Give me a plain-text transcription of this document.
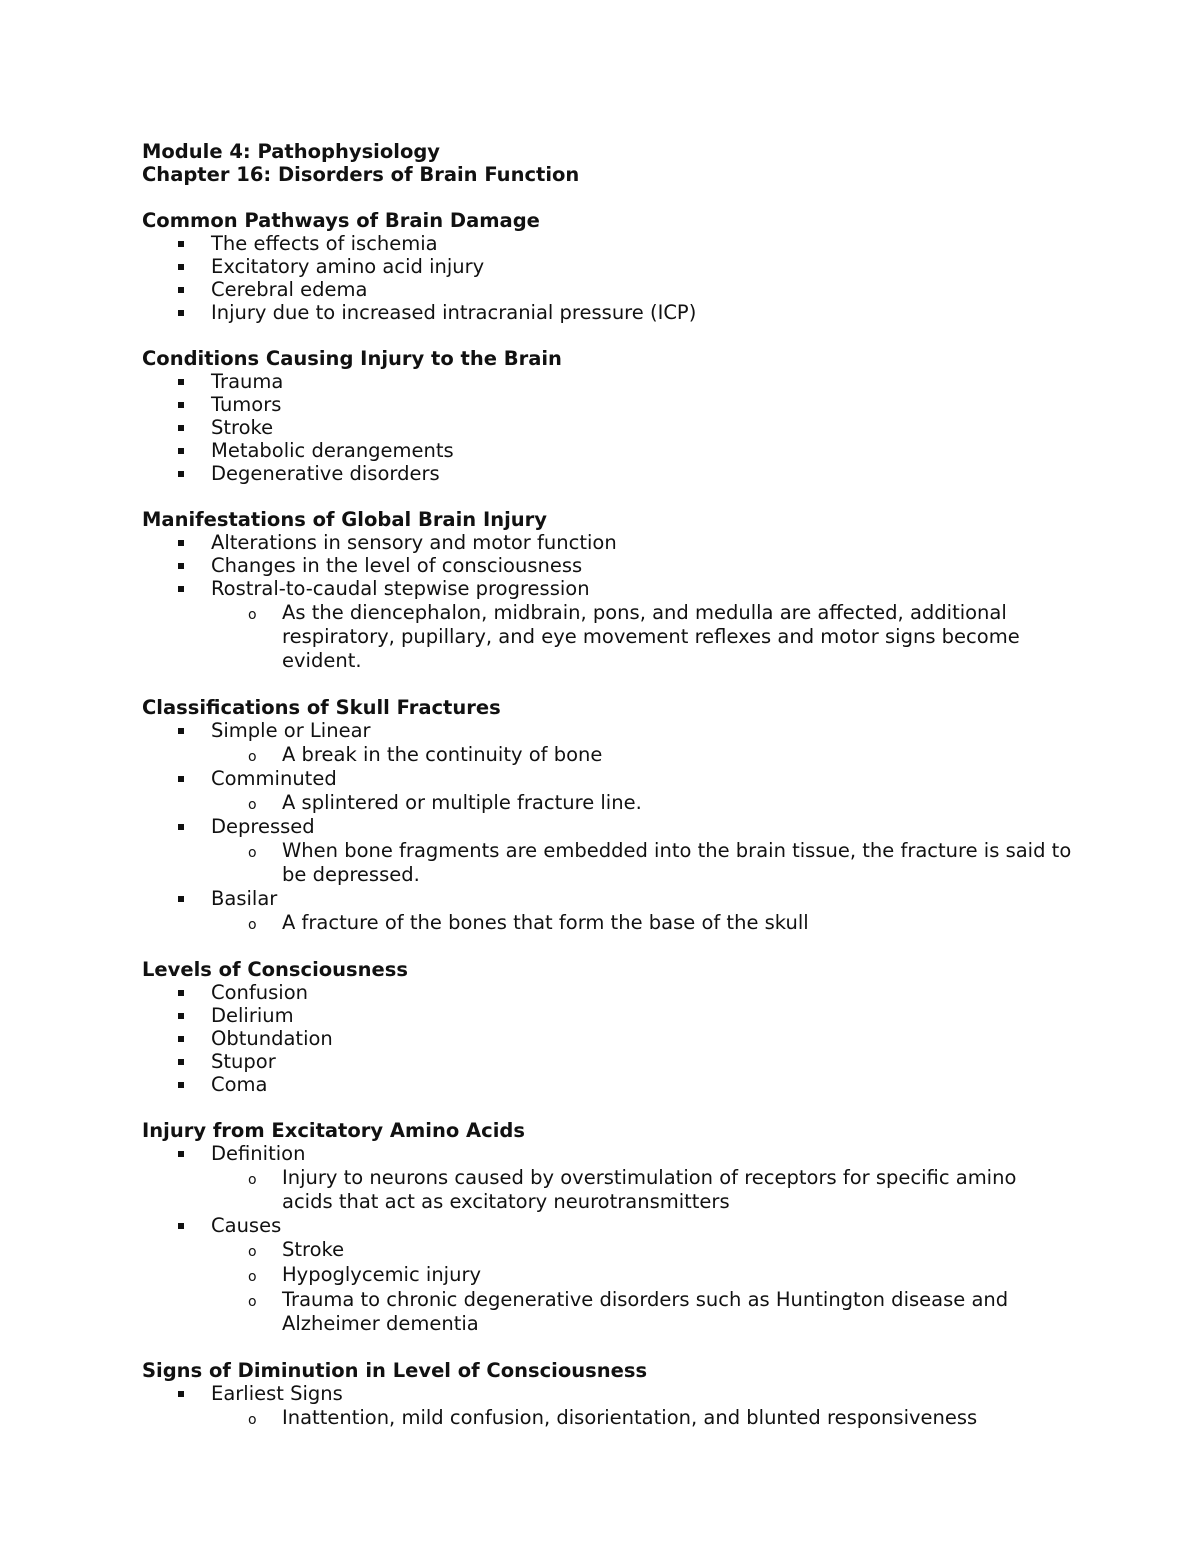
Module 4: Pathophysiology
Chapter 16: Disorders of Brain Function
Common Pathways of Brain Damage
The effects of ischemia
Excitatory amino acid injury
Cerebral edema
Injury due to increased intracranial pressure (ICP)
Conditions Causing Injury to the Brain
Trauma
Tumors
Stroke
Metabolic derangements
Degenerative disorders
Manifestations of Global Brain Injury
Alterations in sensory and motor function
Changes in the level of consciousness
Rostral-to-caudal stepwise progression
o As the diencephalon, midbrain, pons, and medulla are affected, additional respiratory, pupillary, and eye movement reflexes and motor signs become evident.
Classifications of Skull Fractures
Simple or Linear
o A break in the continuity of bone
Comminuted
o A splintered or multiple fracture line.
Depressed
o When bone fragments are embedded into the brain tissue, the fracture is said to be depressed.
Basilar
o A fracture of the bones that form the base of the skull
Levels of Consciousness
Confusion
Delirium
Obtundation
Stupor
Coma
Injury from Excitatory Amino Acids
Definition
o Injury to neurons caused by overstimulation of receptors for specific amino acids that act as excitatory neurotransmitters
Causes
o Stroke
o Hypoglycemic injury
o Trauma to chronic degenerative disorders such as Huntington disease and Alzheimer dementia
Signs of Diminution in Level of Consciousness
Earliest Signs
o Inattention, mild confusion, disorientation, and blunted responsiveness
